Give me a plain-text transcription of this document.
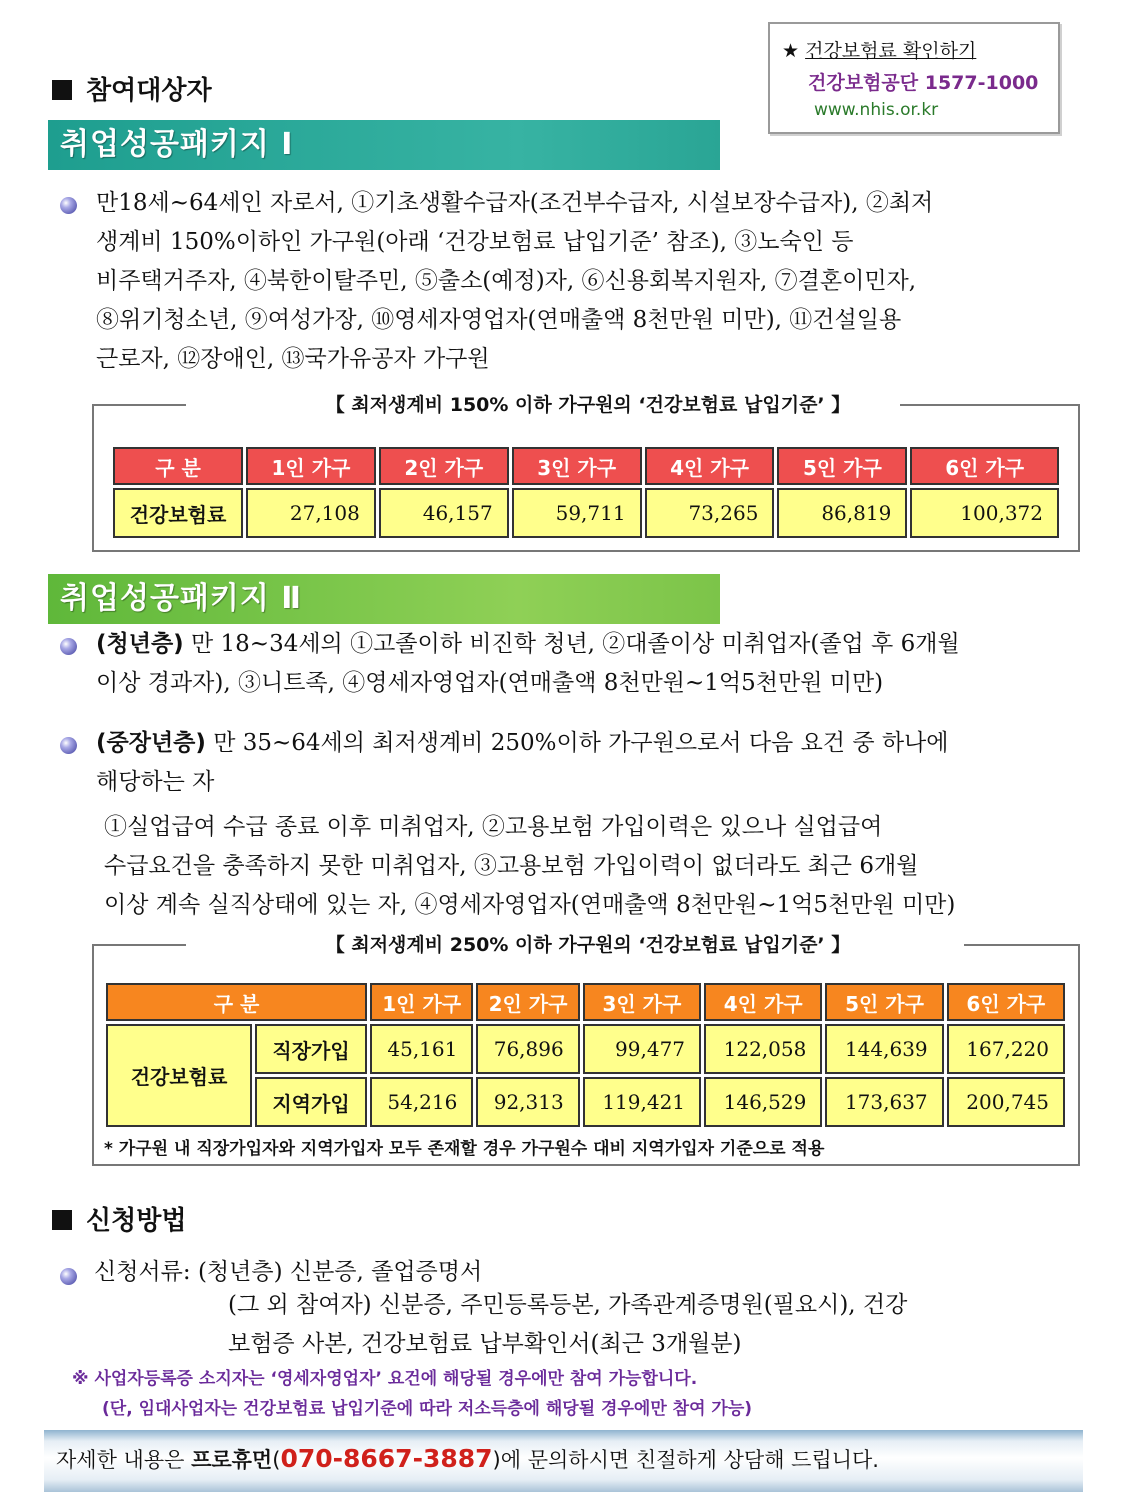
★ 건강보험료 확인하기
건강보험공단 1577-1000
www.nhis.or.kr
참여대상자
취업성공패키지 Ⅰ
만18세~64세인 자로서, ①기초생활수급자(조건부수급자, 시설보장수급자), ②최저
생계비 150%이하인 가구원(아래 ‘건강보험료 납입기준’ 참조), ③노숙인 등
비주택거주자, ④북한이탈주민, ⑤출소(예정)자, ⑥신용회복지원자, ⑦결혼이민자,
⑧위기청소년, ⑨여성가장, ⑩영세자영업자(연매출액 8천만원 미만), ⑪건설일용
근로자, ⑫장애인, ⑬국가유공자 가구원
【 최저생계비 150% 이하 가구원의 ‘건강보험료 납입기준’ 】
구 분	1인 가구	2인 가구	3인 가구	4인 가구	5인 가구	6인 가구
건강보험료	27,108	46,157	59,711	73,265	86,819	100,372
취업성공패키지 Ⅱ
(청년층) 만 18~34세의 ①고졸이하 비진학 청년, ②대졸이상 미취업자(졸업 후 6개월
이상 경과자), ③니트족, ④영세자영업자(연매출액 8천만원~1억5천만원 미만)
(중장년층) 만 35~64세의 최저생계비 250%이하 가구원으로서 다음 요건 중 하나에
해당하는 자
①실업급여 수급 종료 이후 미취업자, ②고용보험 가입이력은 있으나 실업급여
수급요건을 충족하지 못한 미취업자, ③고용보험 가입이력이 없더라도 최근 6개월
이상 계속 실직상태에 있는 자, ④영세자영업자(연매출액 8천만원~1억5천만원 미만)
【 최저생계비 250% 이하 가구원의 ‘건강보험료 납입기준’ 】
구 분		1인 가구	2인 가구	3인 가구	4인 가구	5인 가구	6인 가구
건강보험료	직장가입	45,161	76,896	99,477	122,058	144,639	167,220
	지역가입	54,216	92,313	119,421	146,529	173,637	200,745
* 가구원 내 직장가입자와 지역가입자 모두 존재할 경우 가구원수 대비 지역가입자 기준으로 적용
신청방법
신청서류: (청년층) 신분증, 졸업증명서
(그 외 참여자) 신분증, 주민등록등본, 가족관계증명원(필요시), 건강
보험증 사본, 건강보험료 납부확인서(최근 3개월분)
※ 사업자등록증 소지자는 ‘영세자영업자’ 요건에 해당될 경우에만 참여 가능합니다.
(단, 임대사업자는 건강보험료 납입기준에 따라 저소득층에 해당될 경우에만 참여 가능)
자세한 내용은 프로휴먼(070-8667-3887)에 문의하시면 친절하게 상담해 드립니다.
